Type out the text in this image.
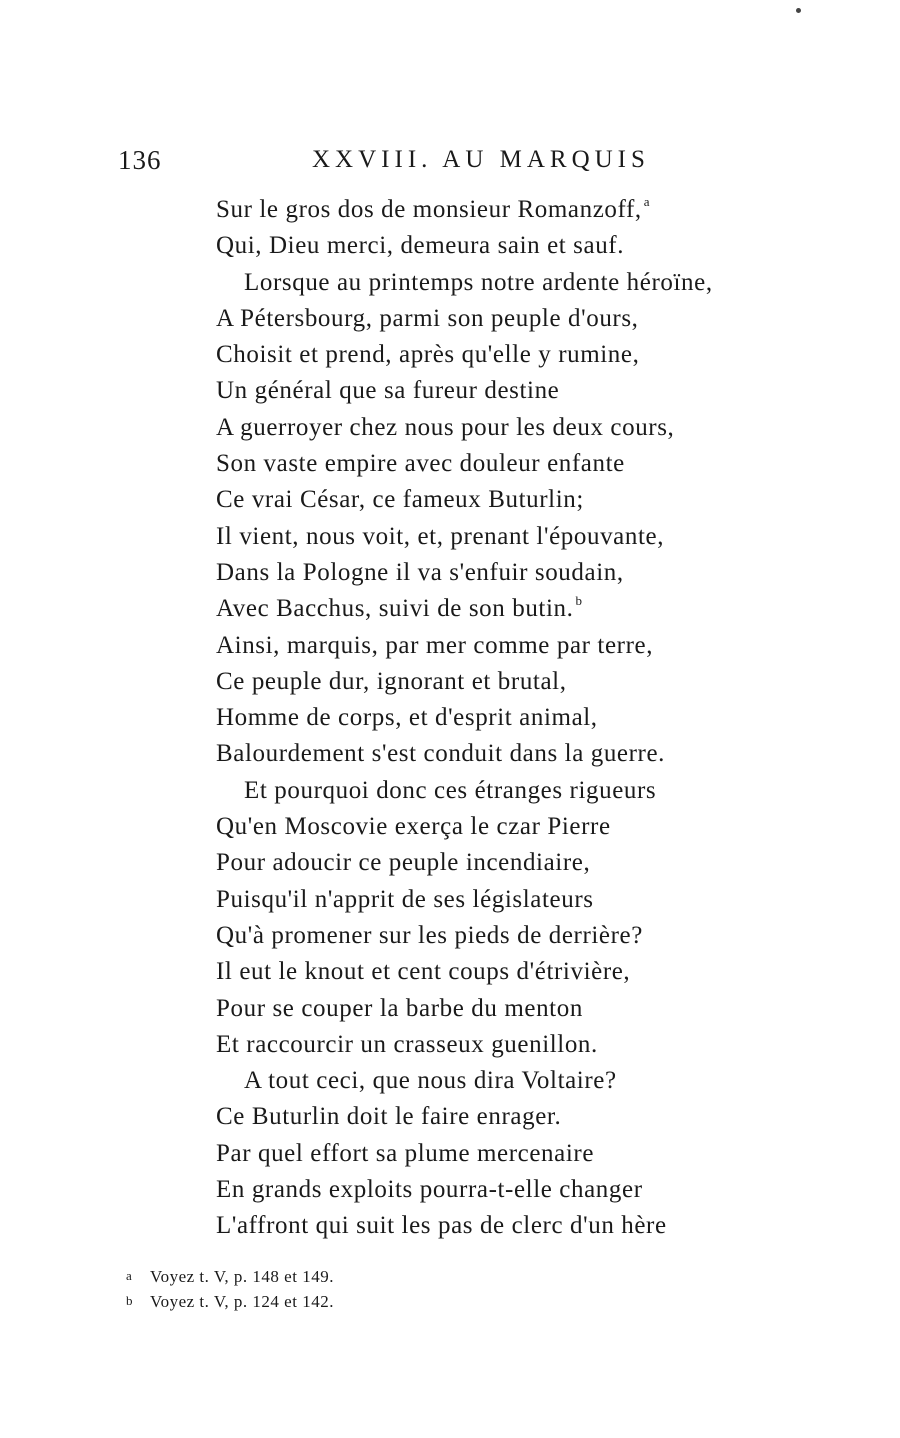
136	XXVIII. AU MARQUIS
Sur le gros dos de monsieur Romanzoff, $^a$
Qui, Dieu merci, demeura sain et sauf.
Lorsque au printemps notre ardente héroïne,
A Pétersbourg, parmi son peuple d'ours,
Choisit et prend, après qu'elle y rumine,
Un général que sa fureur destine
A guerroyer chez nous pour les deux cours,
Son vaste empire avec douleur enfante
Ce vrai César, ce fameux Buturlin;
Il vient, nous voit, et, prenant l'épouvante,
Dans la Pologne il va s'enfuir soudain,
Avec Bacchus, suivi de son butin. $^b$
Ainsi, marquis, par mer comme par terre,
Ce peuple dur, ignorant et brutal,
Homme de corps, et d'esprit animal,
Balourdement s'est conduit dans la guerre.
Et pourquoi donc ces étranges rigueurs
Qu'en Moscovie exerça le czar Pierre
Pour adoucir ce peuple incendiaire,
Puisqu'il n'apprit de ses législateurs
Qu'à promener sur les pieds de derrière?
Il eut le knout et cent coups d'étrivière,
Pour se couper la barbe du menton
Et raccourcir un crasseux guenillon.
A tout ceci, que nous dira Voltaire?
Ce Buturlin doit le faire enrager.
Par quel effort sa plume mercenaire
En grands exploits pourra-t-elle changer
L'affront qui suit les pas de clerc d'un hère
a Voyez t. V, p. 148 et 149.
b Voyez t. V, p. 124 et 142.
